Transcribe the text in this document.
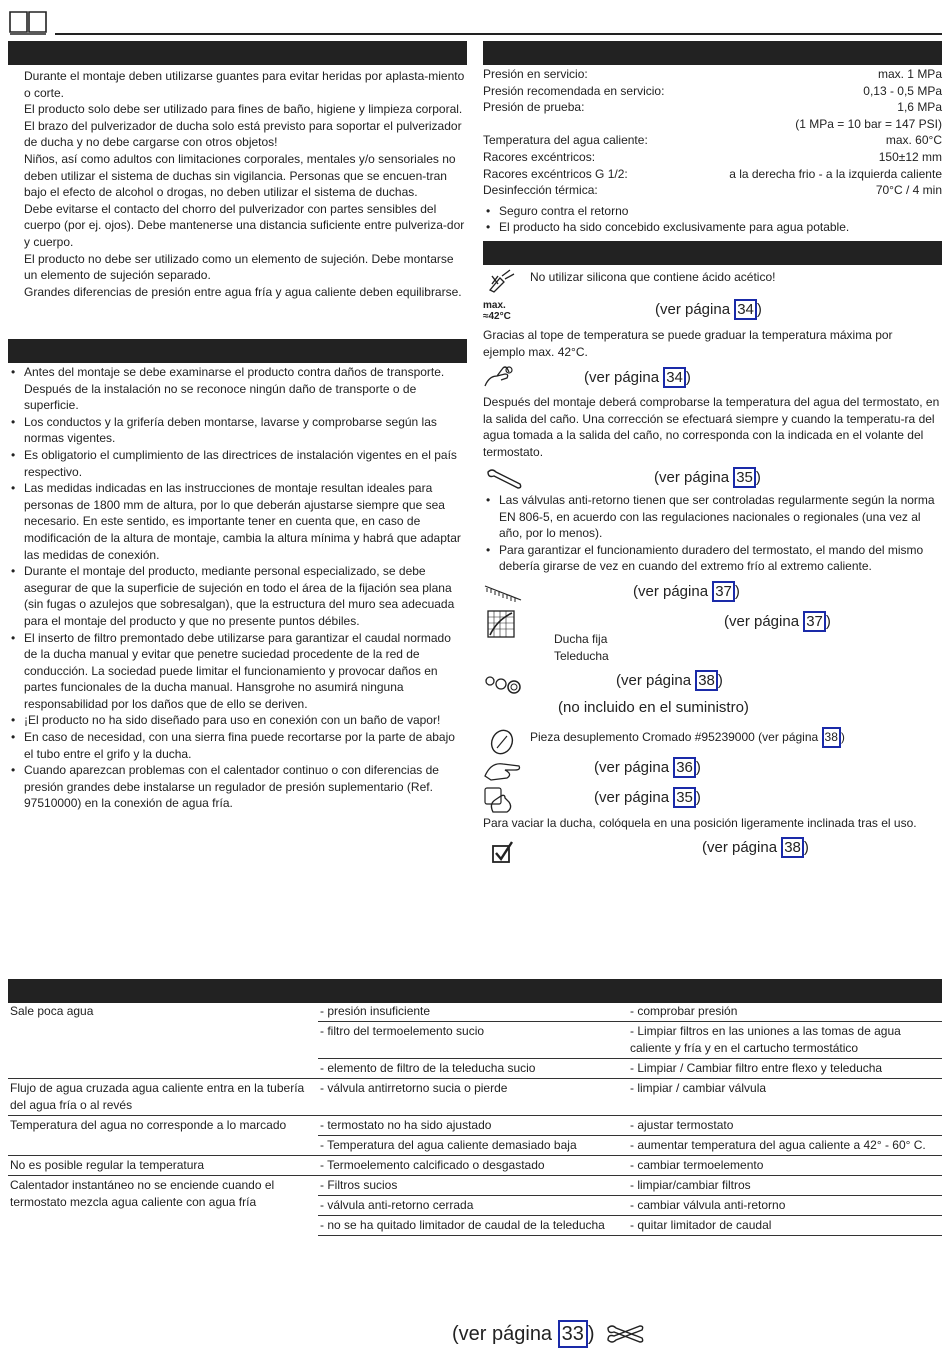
Durante el montaje deben utilizarse guantes para evitar heridas por aplasta-miento o corte.

El producto solo debe ser utilizado para fines de baño, higiene y limpieza corporal.

El brazo del pulverizador de ducha solo está previsto para soportar el pulverizador de ducha y no debe cargarse con otros objetos!

Niños, así como adultos con limitaciones corporales, mentales y/o sensoriales no deben utilizar el sistema de duchas sin vigilancia. Personas que se encuen-tran bajo el efecto de alcohol o drogas, no deben utilizar el sistema de duchas.

Debe evitarse el contacto del chorro del pulverizador con partes sensibles del cuerpo (por ej. ojos). Debe mantenerse una distancia suficiente entre pulveriza-dor y cuerpo.

El producto no debe ser utilizado como un elemento de sujeción. Debe montarse un elemento de sujeción separado.

Grandes diferencias de presión entre agua fría y agua caliente deben equilibrarse.

• Antes del montaje se debe examinarse el producto contra daños de transporte. Después de la instalación no se reconoce ningún daño de transporte o de superficie.
• Los conductos y la grifería deben montarse, lavarse y comprobarse según las normas vigentes.
• Es obligatorio el cumplimiento de las directrices de instalación vigentes en el país respectivo.
• Las medidas indicadas en las instrucciones de montaje resultan ideales para personas de 1800 mm de altura, por lo que deberán ajustarse siempre que sea necesario. En este sentido, es importante tener en cuenta que, en caso de modificación de la altura de montaje, cambia la altura mínima y habrá que adaptar las medidas de conexión.
• Durante el montaje del producto, mediante personal especializado, se debe asegurar de que la superficie de sujeción en todo el área de la fijación sea plana (sin fugas o azulejos que sobresalgan), que la estructura del muro sea adecuada para el montaje del producto y que no presente puntos débiles.
• El inserto de filtro premontado debe utilizarse para garantizar el caudal normado de la ducha manual y evitar que penetre suciedad procedente de la red de conducción. La sociedad puede limitar el funcionamiento y provocar daños en partes funcionales de la ducha manual. Hansgrohe no asumirá ninguna responsabilidad por los daños que de ello se deriven.
• ¡El producto no ha sido diseñado para uso en conexión con un baño de vapor!
• En caso de necesidad, con una sierra fina puede recortarse por la parte de abajo el tubo entre el grifo y la ducha.
• Cuando aparezcan problemas con el calentador continuo o con diferencias de presión grandes debe instalarse un regulador de presión suplementario (Ref. 97510000) en la conexión de agua fría.
Presión en servicio:	max. 1 MPa
Presión recomendada en servicio:	0,13 - 0,5 MPa
Presión de prueba:	1,6 MPa
(1 MPa = 10 bar = 147 PSI)
Temperatura del agua caliente:	max. 60°C
Racores excéntricos:	150±12 mm
Racores excéntricos G 1/2:	a la derecha frio - a la izquierda caliente
Desinfección térmica:	70°C / 4 min
• Seguro contra el retorno
• El producto ha sido concebido exclusivamente para agua potable.
No utilizar silicona que contiene ácido acético!
max.
≈42°C	(ver página 34 )
Gracias al tope de temperatura se puede graduar la temperatura máxima por ejemplo max. 42°C.
(ver página 34 )
Después del montaje deberá comprobarse la temperatura del agua del termostato, en la salida del caño. Una corrección se efectuará siempre y cuando la temperatu-ra del agua tomada a la salida del caño, no corresponda con la indicada en el volante del termostato.
(ver página 35 )
• Las válvulas anti-retorno tienen que ser controladas regularmente según la norma EN 806-5, en acuerdo con las regulaciones nacionales o regionales (una vez al año, por lo menos).
• Para garantizar el funcionamiento duradero del termostato, el mando del mismo debería girarse de vez en cuando del extremo frío al extremo caliente.
(ver página 37 )
(ver página 37 )
Ducha fija
Teleducha
(ver página 38 )
(no incluido en el suministro)
Pieza desuplemento Cromado #95239000 (ver página 38 )
(ver página 36 )
(ver página 35 )
Para vaciar la ducha, colóquela en una posición ligeramente inclinada tras el uso.
(ver página 38 )
Sale poca agua	- presión insuficiente	- comprobar presión
	- filtro del termoelemento sucio	- Limpiar filtros en las uniones a las tomas de agua caliente y fría y en el cartucho termostático
	- elemento de filtro de la teleducha sucio	- Limpiar / Cambiar filtro entre flexo y teleducha
Flujo de agua cruzada agua caliente entra en la tubería del agua fría o al revés	- válvula antirretorno sucia o pierde	- limpiar / cambiar válvula
Temperatura del agua no corresponde a lo marcado	- termostato no ha sido ajustado	- ajustar termostato
	- Temperatura del agua caliente demasiado baja	- aumentar temperatura del agua caliente a 42° - 60° C.
No es posible regular la temperatura	- Termoelemento calcificado o desgastado	- cambiar termoelemento
Calentador instantáneo no se enciende cuando el termostato mezcla agua caliente con agua fría	- Filtros sucios	- limpiar/cambiar filtros
	- válvula anti-retorno cerrada	- cambiar válvula anti-retorno
	- no se ha quitado limitador de caudal de la teleducha	- quitar limitador de caudal
(ver página 33 )
